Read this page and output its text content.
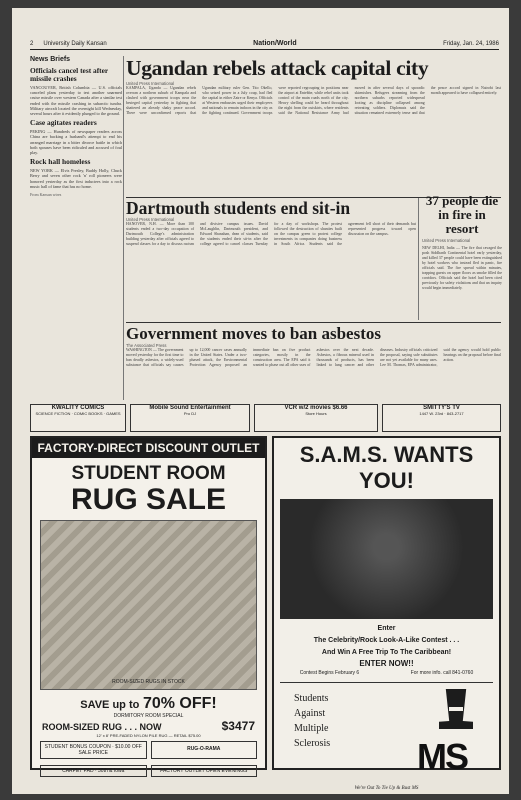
2 University Daily Kansan	Nation/World	Friday, Jan. 24, 1986
News Briefs
Officials cancel test after missile crashes
VANCOUVER, British Columbia — U.S. officials canceled plans yesterday to test another unarmed cruise missile over western Canada after a similar test ended with the missile crashing in subarctic tundra. Military aircraft located the overnight kill Wednesday, several hours after it evidently plunged to the ground.
Case agitates readers
PEKING — Hundreds of newspaper readers across China are backing a husband's attempt to end his arranged marriage in a bitter divorce battle in which both spouses have been ridiculed and accused of foul play.
Rock hall homeless
NEW YORK — Elvis Presley, Buddy Holly, Chuck Berry and seven other rock 'n' roll pioneers were honored yesterday as the first inductees into a rock music hall of fame that has no home.
From Kansan wires
Ugandan rebels attack capital city
United Press International
KAMPALA, Uganda — Ugandan rebels overran a northern suburb of Kampala and clashed with government troops near the besieged capital yesterday in fighting that shattered an already shaky peace accord. There were unconfirmed reports that Ugandan military ruler Gen. Tito Okello, who seized power in a July coup, had fled the capital in either Zaire or Kenya. Officials at Western embassies urged their employees and nationals to remain indoors in the city as the fighting continued. Government troops were reported regrouping in positions near the airport at Entebbe, while rebel units took control of the main roads north of the city. Heavy shelling could be heard throughout the night from the outskirts, where residents said the National Resistance Army had moved in after several days of sporadic skirmishes. Refugees streaming from the northern suburbs reported widespread looting as discipline collapsed among retreating soldiers. Diplomats said the situation remained extremely tense and that the peace accord signed in Nairobi last month appeared to have collapsed entirely.
Dartmouth students end sit-in
United Press International
HANOVER, N.H. — More than 100 students ended a two-day occupation of Dartmouth College's administration building yesterday after officials agreed to suspend classes for a day to discuss racism and divisive campus issues. David McLaughlin, Dartmouth president, and Edward Shanahan, dean of students, said the students ended their sit-in after the college agreed to cancel classes Tuesday for a day of workshops. The protest followed the destruction of shanties built on the campus green to protest college investments in companies doing business in South Africa. Students said the agreement fell short of their demands but represented progress toward open discussion on the campus.
37 people die in fire in resort
United Press International
NEW DELHI, India — The fire that ravaged the posh Siddharth Continental hotel early yesterday, and killed 37 people could have been extinguished by hotel workers who instead fled in panic, fire officials said. The fire spread within minutes, trapping guests on upper floors as smoke filled the corridors. Officials said the hotel had been cited previously for safety violations and that an inquiry would begin immediately.
Government moves to ban asbestos
The Associated Press
WASHINGTON — The government moved yesterday for the first time to ban deadly asbestos, a widely-used substance that officials say causes up to 12,000 cancer cases annually in the United States. Under a two-phased attack, the Environmental Protection Agency proposed an immediate ban on five product categories, mostly in the construction area. The EPA said it wanted to phase out all other uses of asbestos over the next decade. Asbestos, a fibrous mineral used in thousands of products, has been linked to lung cancer and other diseases. Industry officials criticized the proposal, saying safe substitutes are not yet available for many uses. Lee M. Thomas, EPA administrator, said the agency would hold public hearings on the proposal before final action.
KWALITY COMICS
SCIENCE FICTION · COMIC BOOKS · GAMES
Mobile Sound Entertainment
Pro DJ
VCR w/2 movies $6.66
Store Hours
SMITTY'S TV
1447 W. 23rd · 843-2717
FACTORY-DIRECT DISCOUNT OUTLET
STUDENT ROOM
RUG SALE
ROOM-SIZED RUGS IN STOCK
SAVE up to 70% OFF!
DORMITORY ROOM SPECIAL
ROOM-SIZED RUG . . . NOW	$3477
12' x 8' PRE-FADED NYLON PILE RUG — RETAIL $75.00
STUDENT BONUS COUPON · $10.00 OFF SALE PRICE
RUG-O-RAMA
CARPET PAD · 30th & Iowa	FACTORY OUTLET OPEN EVENINGS
S.A.M.S. WANTS YOU!
Enter
The Celebrity/Rock Look-A-Like Contest . . .
And Win A Free Trip To The Caribbean!
ENTER NOW!!
Contest Begins February 6	For more info. call 841-0760
Students
Against
Multiple
Sclerosis	MS
We're Out To Tie Up & Bust MS
